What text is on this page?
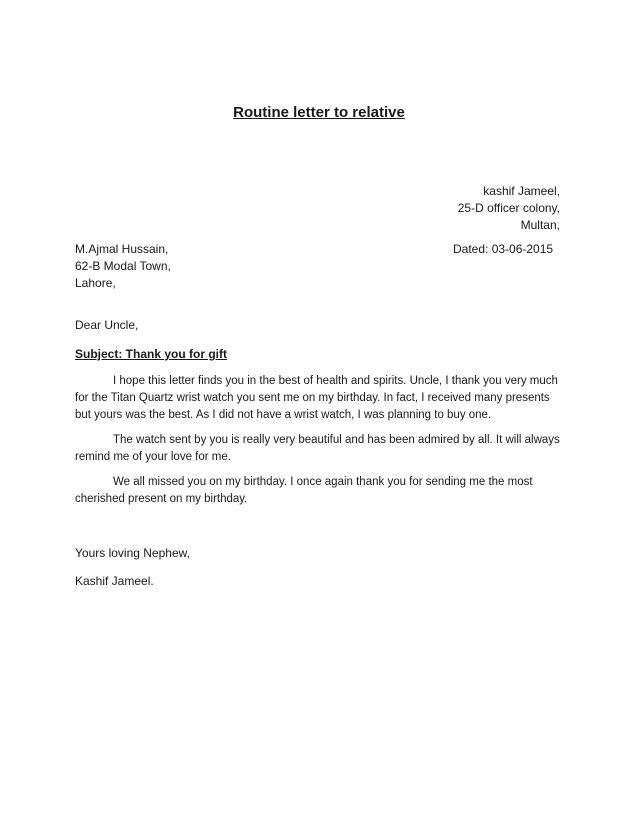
Routine letter to relative
kashif Jameel,
25-D officer colony,
Multan,
M.Ajmal Hussain,
62-B Modal Town,
Lahore,
Dated: 03-06-2015
Dear Uncle,
Subject: Thank you for gift

I hope this letter finds you in the best of health and spirits. Uncle, I thank you very much for the Titan Quartz wrist watch you sent me on my birthday. In fact, I received many presents but yours was the best. As I did not have a wrist watch, I was planning to buy one.

The watch sent by you is really very beautiful and has been admired by all. It will always remind me of your love for me.

We all missed you on my birthday. I once again thank you for sending me the most cherished present on my birthday.

Yours loving Nephew,
Kashif Jameel.
